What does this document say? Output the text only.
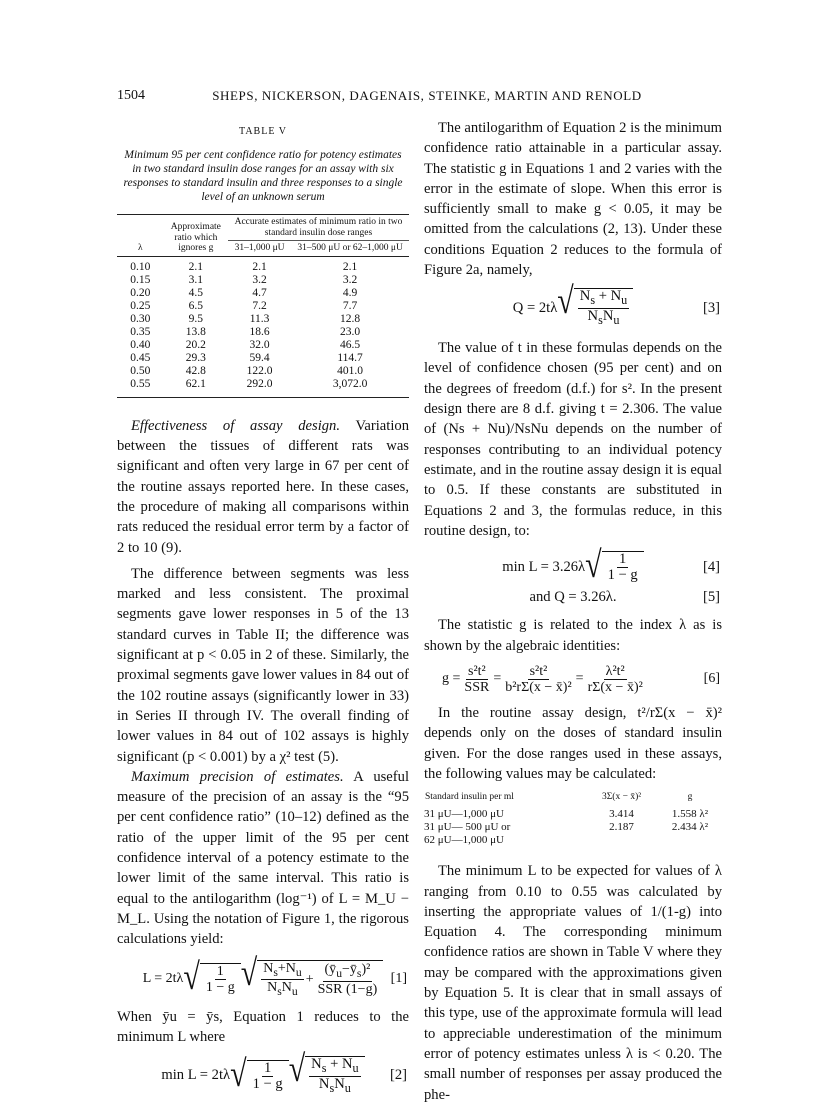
1504	SHEPS, NICKERSON, DAGENAIS, STEINKE, MARTIN AND RENOLD
TABLE V
Minimum 95 per cent confidence ratio for potency estimates in two standard insulin dose ranges for an assay with six responses to standard insulin and three responses to a single level of an unknown serum
λ	Approximate ratio which ignores g	Accurate estimates of minimum ratio in two standard insulin dose ranges	
		31–1,000 μU	31–500 μU or 62–1,000 μU
0.10	2.1	2.1	2.1
0.15	3.1	3.2	3.2
0.20	4.5	4.7	4.9
0.25	6.5	7.2	7.7
0.30	9.5	11.3	12.8
0.35	13.8	18.6	23.0
0.40	20.2	32.0	46.5
0.45	29.3	59.4	114.7
0.50	42.8	122.0	401.0
0.55	62.1	292.0	3,072.0

Effectiveness of assay design. Variation between the tissues of different rats was significant and often very large in 67 per cent of the routine assays reported here. In these cases, the procedure of making all comparisons within rats reduced the residual error term by a factor of 2 to 10 (9).

The difference between segments was less marked and less consistent. The proximal segments gave lower responses in 5 of the 13 standard curves in Table II; the difference was significant at p < 0.05 in 2 of these. Similarly, the proximal segments gave lower values in 84 out of the 102 routine assays (significantly lower in 33) in Series II through IV. The overall finding of lower values in 84 out of 102 assays is highly significant (p < 0.001) by a χ² test (5).

Maximum precision of estimates. A useful measure of the precision of an assay is the “95 per cent confidence ratio” (10–12) defined as the ratio of the upper limit of the 95 per cent confidence interval of a potency estimate to the lower limit of the same interval. This ratio is equal to the antilogarithm (log⁻¹) of L = M_U − M_L. Using the notation of Figure 1, the rigorous calculations yield:

L = 2tλ √ $\frac{1}{1 - g}$ √ $\frac{N_s+N_u}{N_sN_u} + \frac{(ȳ_u-ȳ_s)^2}{\text{SSR (1−g)}} [1]$

When ȳu = ȳs, Equation 1 reduces to the minimum L where

min L = 2tλ √ $\frac{1}{1 - g}$ √ $\frac{N_s + N_u}{N_sN_u} [2]$

The antilogarithm of Equation 2 is the minimum confidence ratio attainable in a particular assay. The statistic g in Equations 1 and 2 varies with the error in the estimate of slope. When this error is sufficiently small to make g < 0.05, it may be omitted from the calculations (2, 13). Under these conditions Equation 2 reduces to the formula of Figure 2a, namely,

Q = 2tλ √ $\frac{N_s + N_u}{N_sN_u}$	[3]

The value of t in these formulas depends on the level of confidence chosen (95 per cent) and on the degrees of freedom (d.f.) for s². In the present design there are 8 d.f. giving t = 2.306. The value of (Ns + Nu)/NsNu depends on the number of responses contributing to an individual potency estimate, and in the routine assay design it is equal to 0.5. If these constants are substituted in Equations 2 and 3, the formulas reduce, in this routine design, to:

min L = 3.26λ √ $\frac{1}{1 - g}$	[4]
and Q = 3.26λ.	[5]

The statistic g is related to the index λ as is shown by the algebraic identities:

$g = \frac{\text{s²t²}}{\text{SSR}} = \frac{\text{s²t²}}{\text{b²rΣ(x − x̄)²}} = \frac{\text{λ²t²}}{\text{rΣ(x − x̄)²}}$	[6]

In the routine assay design, t²/rΣ(x − x̄)² depends only on the doses of standard insulin given. For the dose ranges used in these assays, the following values may be calculated:

Standard insulin per ml	3Σ(x − x̄)²	g
31 μU—1,000 μU	3.414	1.558 λ²
31 μU— 500 μU or	2.187	2.434 λ²
62 μU—1,000 μU		

The minimum L to be expected for values of λ ranging from 0.10 to 0.55 was calculated by inserting the appropriate values of 1/(1-g) into Equation 4. The corresponding minimum confidence ratios are shown in Table V where they may be compared with the approximations given by Equation 5. It is clear that in small assays of this type, use of the approximate formula will lead to appreciable underestimation of the minimum error of potency estimates unless λ is < 0.20. The small number of responses per assay produced the phe-
